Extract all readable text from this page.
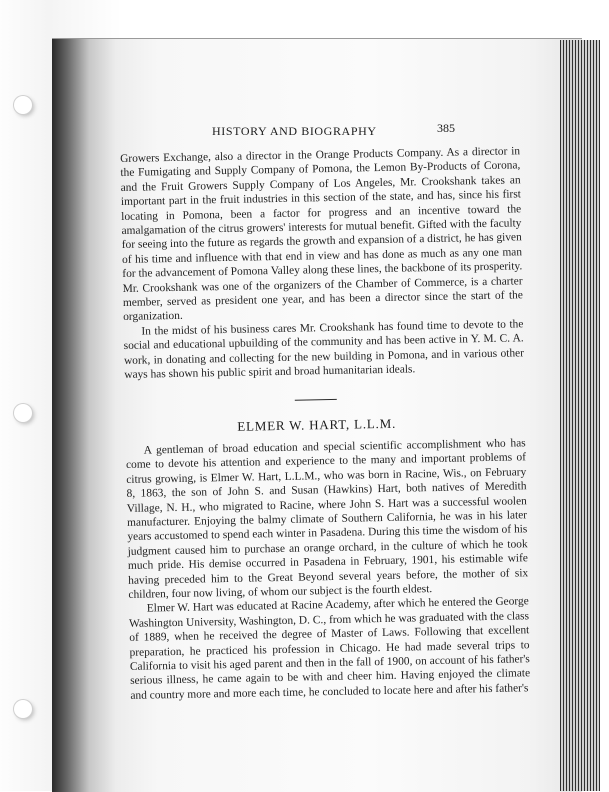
HISTORY AND BIOGRAPHY	385

Growers Exchange, also a director in the Orange Products Company. As a director in the Fumigating and Supply Company of Pomona, the Lemon By-Products of Corona, and the Fruit Growers Supply Company of Los Angeles, Mr. Crookshank takes an important part in the fruit industries in this section of the state, and has, since his first locating in Pomona, been a factor for progress and an incentive toward the amalgamation of the citrus growers' interests for mutual benefit. Gifted with the faculty for seeing into the future as regards the growth and expansion of a district, he has given of his time and influence with that end in view and has done as much as any one man for the advancement of Pomona Valley along these lines, the backbone of its prosperity. Mr. Crookshank was one of the organizers of the Chamber of Commerce, is a charter member, served as president one year, and has been a director since the start of the organization.

In the midst of his business cares Mr. Crookshank has found time to devote to the social and educational upbuilding of the community and has been active in Y. M. C. A. work, in donating and collecting for the new building in Pomona, and in various other ways has shown his public spirit and broad humanitarian ideals.

ELMER W. HART, L.L.M.

A gentleman of broad education and special scientific accomplishment who has come to devote his attention and experience to the many and important problems of citrus growing, is Elmer W. Hart, L.L.M., who was born in Racine, Wis., on February 8, 1863, the son of John S. and Susan (Hawkins) Hart, both natives of Meredith Village, N. H., who migrated to Racine, where John S. Hart was a successful woolen manufacturer. Enjoying the balmy climate of Southern California, he was in his later years accustomed to spend each winter in Pasadena. During this time the wisdom of his judgment caused him to purchase an orange orchard, in the culture of which he took much pride. His demise occurred in Pasadena in February, 1901, his estimable wife having preceded him to the Great Beyond several years before, the mother of six children, four now living, of whom our subject is the fourth eldest.

Elmer W. Hart was educated at Racine Academy, after which he entered the George Washington University, Washington, D. C., from which he was graduated with the class of 1889, when he received the degree of Master of Laws. Following that excellent preparation, he practiced his profession in Chicago. He had made several trips to California to visit his aged parent and then in the fall of 1900, on account of his father's serious illness, he came again to be with and cheer him. Having enjoyed the climate and country more and more each time, he concluded to locate here and after his father's
